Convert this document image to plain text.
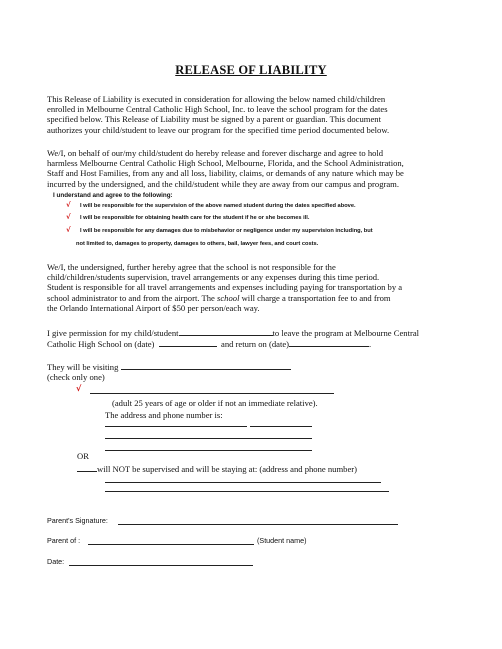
RELEASE OF LIABILITY
This Release of Liability is executed in consideration for allowing the below named child/children
enrolled in Melbourne Central Catholic High School, Inc. to leave the school program for the dates
specified below. This Release of Liability must be signed by a parent or guardian. This document
authorizes your child/student to leave our program for the specified time period documented below.
We/I, on behalf of our/my child/student do hereby release and forever discharge and agree to hold
harmless Melbourne Central Catholic High School, Melbourne, Florida, and the School Administration,
Staff and Host Families, from any and all loss, liability, claims, or demands of any nature which may be
incurred by the undersigned, and the child/student while they are away from our campus and program.
I understand and agree to the following:
√ I will be responsible for the supervision of the above named student during the dates specified above.
√ I will be responsible for obtaining health care for the student if he or she becomes ill.
√ I will be responsible for any damages due to misbehavior or negligence under my supervision including, but
not limited to, damages to property, damages to others, bail, lawyer fees, and court costs.
We/I, the undersigned, further hereby agree that the school is not responsible for the
child/children/students supervision, travel arrangements or any expenses during this time period.
Student is responsible for all travel arrangements and expenses including paying for transportation by a
school administrator to and from the airport. The school will charge a transportation fee to and from
the Orlando International Airport of $50 per person/each way.
I give permission for my child/student	to leave the program at Melbourne Central
Catholic High School on (date)	and return on (date)	.
They will be visiting
(check only one)
√
(adult 25 years of age or older if not an immediate relative).
The address and phone number is:
OR
will NOT be supervised and will be staying at: (address and phone number)
Parent's Signature:
Parent of :	(Student name)
Date:
